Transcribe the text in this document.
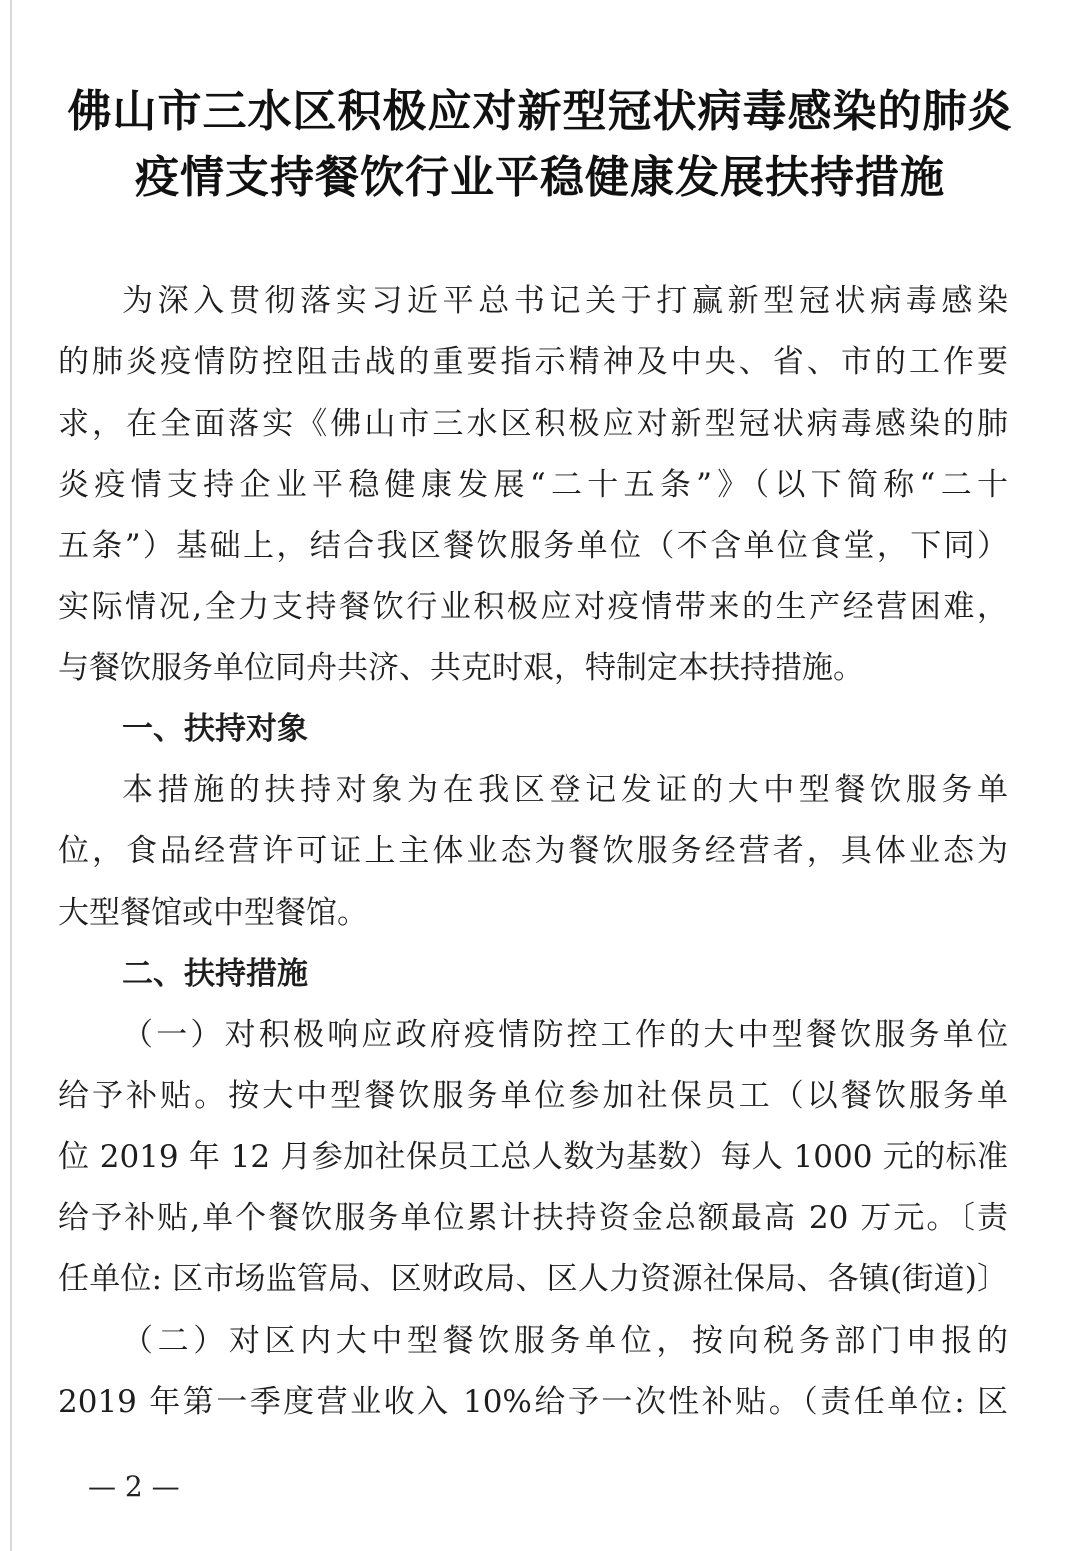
佛山市三水区积极应对新型冠状病毒感染的肺炎
疫情支持餐饮行业平稳健康发展扶持措施
为深入贯彻落实习近平总书记关于打赢新型冠状病毒感染
的肺炎疫情防控阻击战的重要指示精神及中央、省、市的工作要
求，在全面落实《佛山市三水区积极应对新型冠状病毒感染的肺
炎疫情支持企业平稳健康发展“二十五条”》（以下简称“二十
五条”）基础上，结合我区餐饮服务单位（不含单位食堂，下同）
实际情况,全力支持餐饮行业积极应对疫情带来的生产经营困难，
与餐饮服务单位同舟共济、共克时艰，特制定本扶持措施。
一、扶持对象
本措施的扶持对象为在我区登记发证的大中型餐饮服务单
位，食品经营许可证上主体业态为餐饮服务经营者，具体业态为
大型餐馆或中型餐馆。
二、扶持措施
（一）对积极响应政府疫情防控工作的大中型餐饮服务单位
给予补贴。按大中型餐饮服务单位参加社保员工（以餐饮服务单
位 2019 年 12 月参加社保员工总人数为基数）每人 1000 元的标准
给予补贴,单个餐饮服务单位累计扶持资金总额最高 20 万元。〔责
任单位: 区市场监管局、区财政局、区人力资源社保局、各镇(街道)〕
（二）对区内大中型餐饮服务单位，按向税务部门申报的
2019 年第一季度营业收入 10%给予一次性补贴。（责任单位: 区
— 2 —
